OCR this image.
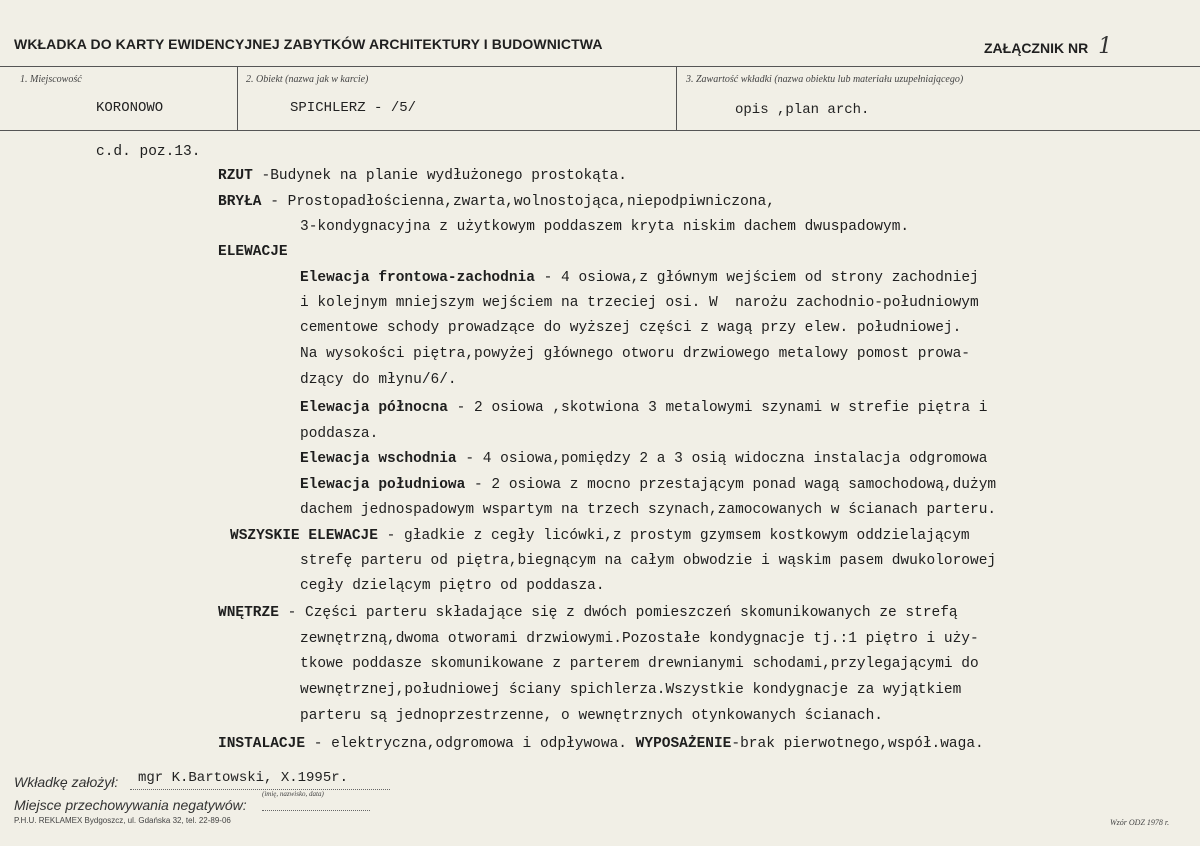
WKŁADKA DO KARTY EWIDENCYJNEJ ZABYTKÓW ARCHITEKTURY I BUDOWNICTWA	ZAŁĄCZNIK NR 1
1. Miejscowość
KORONOWO
2. Obiekt (nazwa jak w karcie)
SPICHLERZ - /5/
3. Zawartość wkładki (nazwa obiektu lub materiału uzupełniającego)
opis ,plan arch.
c.d. poz.13.
RZUT -Budynek na planie wydłużonego prostokąta.
BRYŁA - Prostopadłościenna,zwarta,wolnostojąca,niepodpiwniczona,
3-kondygnacyjna z użytkowym poddaszem kryta niskim dachem dwuspadowym.
ELEWACJE
Elewacja frontowa-zachodnia - 4 osiowa,z głównym wejściem od strony zachodniej
i kolejnym mniejszym wejściem na trzeciej osi. W  narożu zachodnio-południowym
cementowe schody prowadzące do wyższej części z wagą przy elew. południowej.
Na wysokości piętra,powyżej głównego otworu drzwiowego metalowy pomost prowa-
dzący do młynu/6/.
Elewacja północna - 2 osiowa ,skotwiona 3 metalowymi szynami w strefie piętra i
poddasza.
Elewacja wschodnia - 4 osiowa,pomiędzy 2 a 3 osią widoczna instalacja odgromowa
Elewacja południowa - 2 osiowa z mocno przestającym ponad wagą samochodową,dużym
dachem jednospadowym wspartym na trzech szynach,zamocowanych w ścianach parteru.
WSZYSKIE ELEWACJE - gładkie z cegły licówki,z prostym gzymsem kostkowym oddzielającym
strefę parteru od piętra,biegnącym na całym obwodzie i wąskim pasem dwukolorowej
cegły dzielącym piętro od poddasza.
WNĘTRZE - Części parteru składające się z dwóch pomieszczeń skomunikowanych ze strefą
zewnętrzną,dwoma otworami drzwiowymi.Pozostałe kondygnacje tj.:1 piętro i uży-
tkowe poddasze skomunikowane z parterem drewnianymi schodami,przylegającymi do
wewnętrznej,południowej ściany spichlerza.Wszystkie kondygnacje za wyjątkiem
parteru są jednoprzestrzenne, o wewnętrznych otynkowanych ścianach.
INSTALACJE - elektryczna,odgromowa i odpływowa. WYPOSAŻENIE-brak pierwotnego,współ.waga.
Wkładkę założył: mgr K.Bartowski, X.1995r.
(imię, nazwisko, data)
Miejsce przechowywania negatywów:
P.H.U. REKLAMEX Bydgoszcz, ul. Gdańska 32, tel. 22-89-06	Wzór ODZ 1978 r.
